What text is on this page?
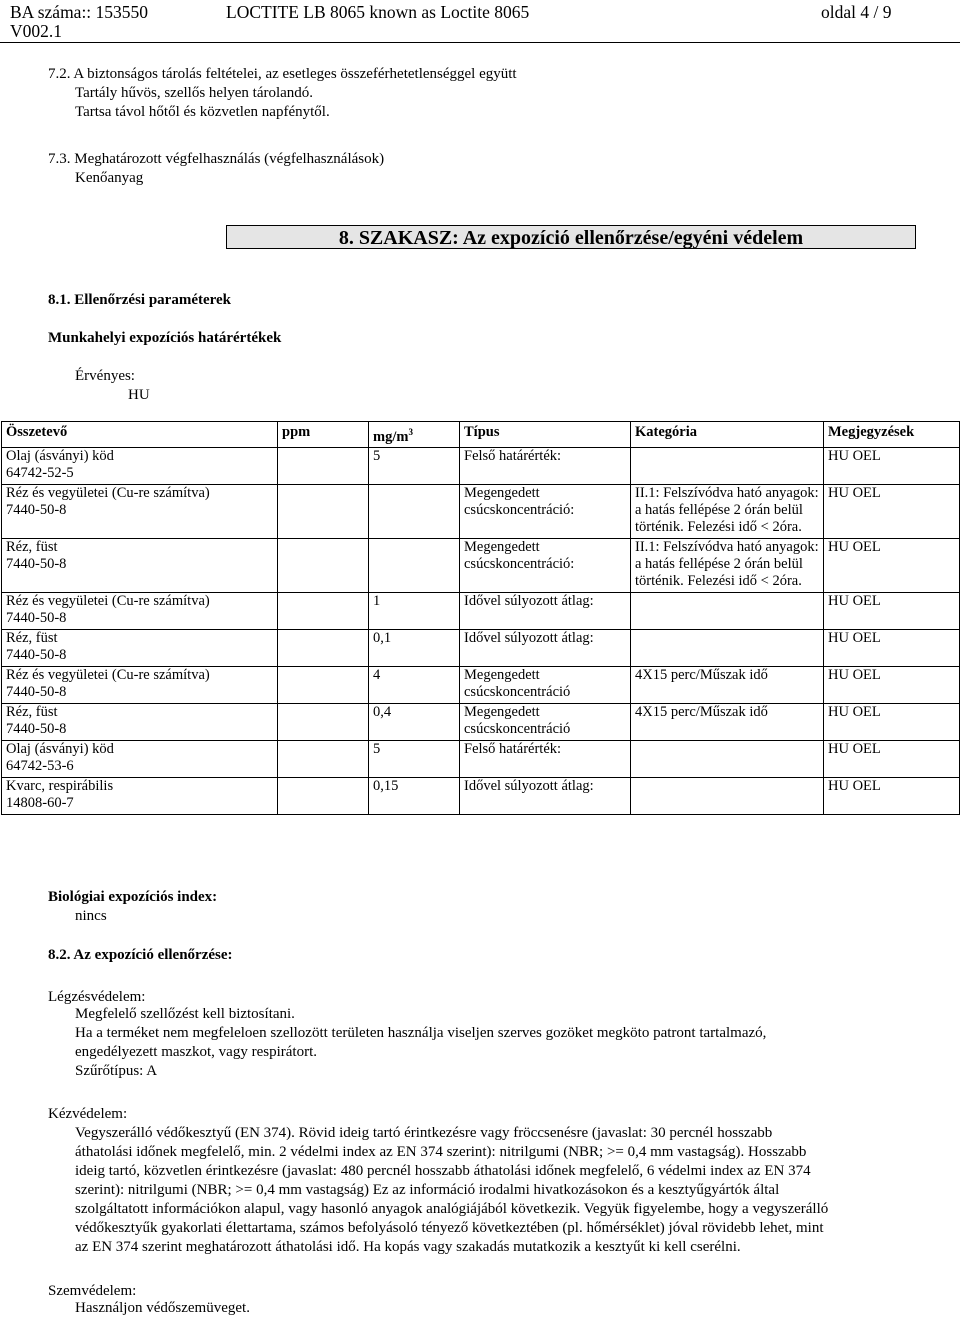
BA száma:: 153550
V002.1
LOCTITE LB 8065 known as Loctite 8065	oldal 4 / 9
7.2. A biztonságos tárolás feltételei, az esetleges összeférhetetlenséggel együtt
Tartály hűvös, szellős helyen tárolandó.
Tartsa távol hőtől és közvetlen napfénytől.
7.3. Meghatározott végfelhasználás (végfelhasználások)
Kenőanyag
8. SZAKASZ: Az expozíció ellenőrzése/egyéni védelem
8.1. Ellenőrzési paraméterek
Munkahelyi expozíciós határértékek
Érvényes:
HU
Összetevő	ppm	$mg/m^3$	Típus	Kategória	Megjegyzések

Olaj (ásványi) köd
64742-52-5		5	Felső határérték:		HU OEL

Réz és vegyületei (Cu-re számítva)
7440-50-8			Megengedett csúcskoncentráció:	II.1: Felszívódva ható anyagok: a hatás fellépése 2 órán belül történik. Felezési idő < 2óra.	HU OEL

Réz, füst
7440-50-8			Megengedett csúcskoncentráció:	II.1: Felszívódva ható anyagok: a hatás fellépése 2 órán belül történik. Felezési idő < 2óra.	HU OEL

Réz és vegyületei (Cu-re számítva)
7440-50-8		1	Idővel súlyozott átlag:		HU OEL

Réz, füst
7440-50-8		0,1	Idővel súlyozott átlag:		HU OEL

Réz és vegyületei (Cu-re számítva)
7440-50-8		4	Megengedett csúcskoncentráció	4X15 perc/Műszak idő	HU OEL

Réz, füst
7440-50-8		0,4	Megengedett csúcskoncentráció	4X15 perc/Műszak idő	HU OEL

Olaj (ásványi) köd
64742-53-6		5	Felső határérték:		HU OEL

Kvarc, respirábilis
14808-60-7		0,15	Idővel súlyozott átlag:		HU OEL
Biológiai expozíciós index:
nincs
8.2. Az expozíció ellenőrzése:
Légzésvédelem:
Megfelelő szellőzést kell biztosítani.
Ha a terméket nem megfeleloen szellozött területen használja viseljen szerves gozöket megköto patront tartalmazó,
engedélyezett maszkot, vagy respirátort.
Szűrőtípus: A
Kézvédelem:
Vegyszerálló védőkesztyű (EN 374). Rövid ideig tartó érintkezésre vagy fröccsenésre (javaslat: 30 percnél hosszabb
áthatolási időnek megfelelő, min. 2 védelmi index az EN 374 szerint): nitrilgumi (NBR; >= 0,4 mm vastagság). Hosszabb
ideig tartó, közvetlen érintkezésre (javaslat: 480 percnél hosszabb áthatolási időnek megfelelő, 6 védelmi index az EN 374
szerint): nitrilgumi (NBR; >= 0,4 mm vastagság) Ez az információ irodalmi hivatkozásokon és a kesztyűgyártók által
szolgáltatott információkon alapul, vagy hasonló anyagok analógiájából következik. Vegyük figyelembe, hogy a vegyszerálló
védőkesztyűk gyakorlati élettartama, számos befolyásoló tényező következtében (pl. hőmérséklet) jóval rövidebb lehet, mint
az EN 374 szerint meghatározott áthatolási idő. Ha kopás vagy szakadás mutatkozik a kesztyűt ki kell cserélni.
Szemvédelem:
Használjon védőszemüveget.
